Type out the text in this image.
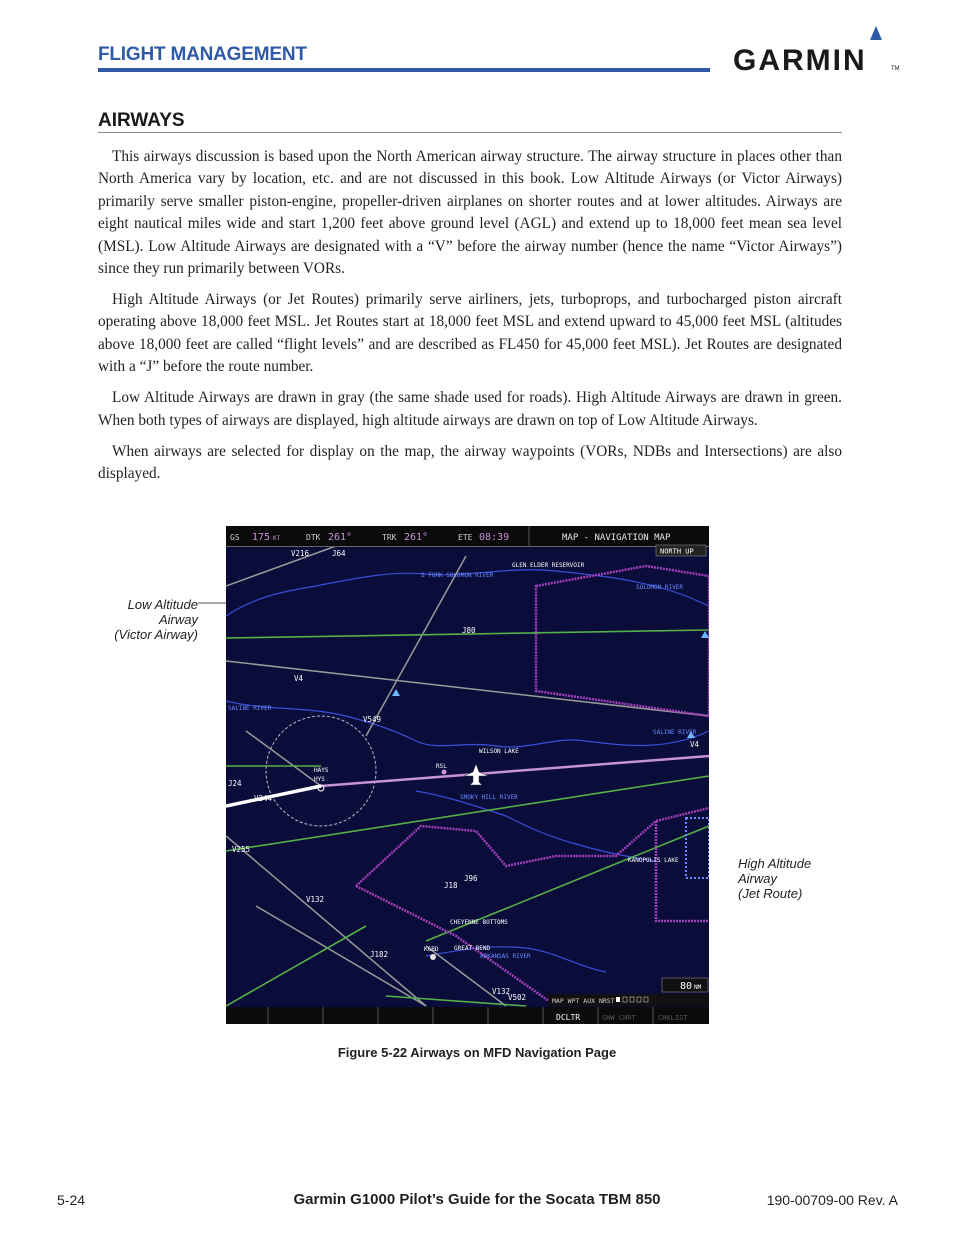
FLIGHT MANAGEMENT	GARMIN	TM
AIRWAYS

This airways discussion is based upon the North American airway structure. The airway structure in places other than North America vary by location, etc. and are not discussed in this book. Low Altitude Airways (or Victor Airways) primarily serve smaller piston-engine, propeller-driven airplanes on shorter routes and at lower altitudes. Airways are eight nautical miles wide and start 1,200 feet above ground level (AGL) and extend up to 18,000 feet mean sea level (MSL). Low Altitude Airways are designated with a “V” before the airway number (hence the name “Victor Airways”) since they run primarily between VORs.

High Altitude Airways (or Jet Routes) primarily serve airliners, jets, turboprops, and turbocharged piston aircraft operating above 18,000 feet MSL. Jet Routes start at 18,000 feet MSL and extend upward to 45,000 feet MSL (altitudes above 18,000 feet are called “flight levels” and are described as FL450 for 45,000 feet MSL). Jet Routes are designated with a “J” before the route number.

Low Altitude Airways are drawn in gray (the same shade used for roads). High Altitude Airways are drawn in green. When both types of airways are displayed, high altitude airways are drawn on top of Low Altitude Airways.

When airways are selected for display on the map, the airway waypoints (VORs, NDBs and Intersections) are also displayed.

Low Altitude
Airway
(Victor Airway)
High Altitude
Airway
(Jet Route)
GS 175 KT	DTK 261°	TRK 261°	ETE 08:39	MAP - NAVIGATION MAP
NORTH UP
V216	J64
J80
V4
V549
J24
V244
V255
V132
J18
J96
J182
V132
V502
V4
GLEN ELDER RESERVOIR
S FORK SOLOMON RIVER
SOLOMON RIVER
SALINE RIVER
WILSON LAKE
SALINE RIVER
HAYS
HYS
RSL
SMOKY HILL RIVER
KANOPOLIS LAKE
CHEYENNE BOTTOMS
KGBD	GREAT BEND
ARKANSAS RIVER
80 NM
MAP WPT AUX NRST
DCLTR	SHW CHRT	CHKLIST
Figure 5-22 Airways on MFD Navigation Page
5-24	Garmin G1000 Pilot’s Guide for the Socata TBM 850	190-00709-00 Rev. A
